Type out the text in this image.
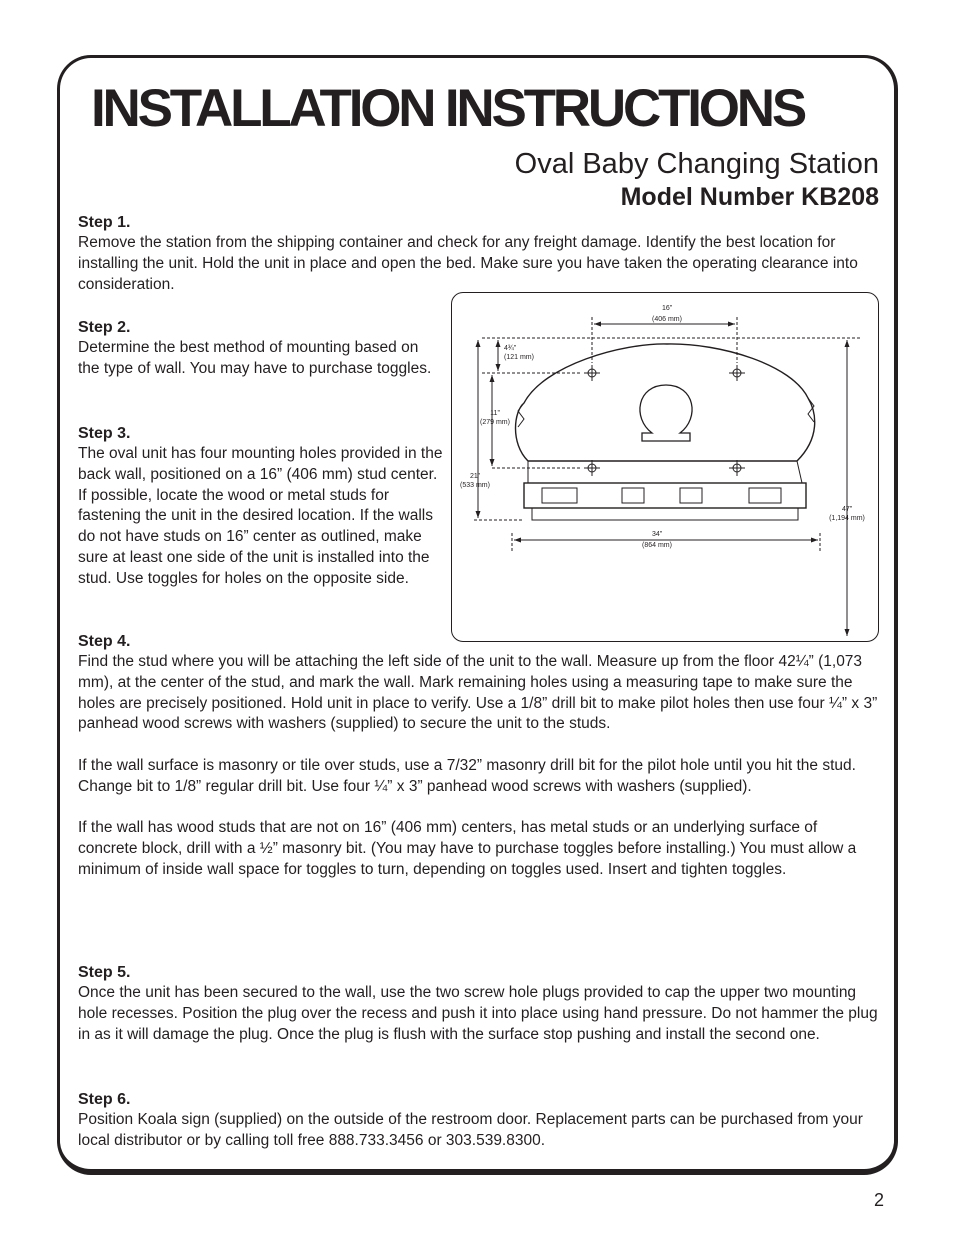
INSTALLATION INSTRUCTIONS
Oval Baby Changing Station
Model Number KB208
Step 1.

Remove the station from the shipping container and check for any freight damage. Identify the best location for installing the unit. Hold the unit in place and open the bed. Make sure you have taken the operating clearance into consideration.

Step 2.

Determine the best method of mounting based on the type of wall. You may have to purchase toggles.

Step 3.

The oval unit has four mounting holes provided in the back wall, positioned on a 16” (406 mm) stud center. If possible, locate the wood or metal studs for fastening the unit in the desired location. If the walls do not have studs on 16” center as outlined, make sure at least one side of the unit is installed into the stud. Use toggles for holes on the opposite side.

16”
(406 mm)
4¾”
(121 mm)
11”
(279 mm)
21”
(533 mm)
47”
(1,194 mm)
34”
(864 mm)
Step 4.

Find the stud where you will be attaching the left side of the unit to the wall. Measure up from the floor 42¼” (1,073 mm), at the center of the stud, and mark the wall. Mark remaining holes using a measuring tape to make sure the holes are precisely positioned. Hold unit in place to verify. Use a 1/8” drill bit to make pilot holes then use four ¼” x 3” panhead wood screws with washers (supplied) to secure the unit to the studs.

If the wall surface is masonry or tile over studs, use a 7/32” masonry drill bit for the pilot hole until you hit the stud. Change bit to 1/8” regular drill bit. Use four ¼” x 3” panhead wood screws with washers (supplied).

If the wall has wood studs that are not on 16” (406 mm) centers, has metal studs or an underlying surface of concrete block, drill with a ½” masonry bit. (You may have to purchase toggles before installing.) You must allow a minimum of inside wall space for toggles to turn, depending on toggles used. Insert and tighten toggles.

Step 5.

Once the unit has been secured to the wall, use the two screw hole plugs provided to cap the upper two mounting hole recesses. Position the plug over the recess and push it into place using hand pressure. Do not hammer the plug in as it will damage the plug. Once the plug is flush with the surface stop pushing and install the second one.

Step 6.

Position Koala sign (supplied) on the outside of the restroom door. Replacement parts can be purchased from your local distributor or by calling toll free 888.733.3456 or 303.539.8300.

2
